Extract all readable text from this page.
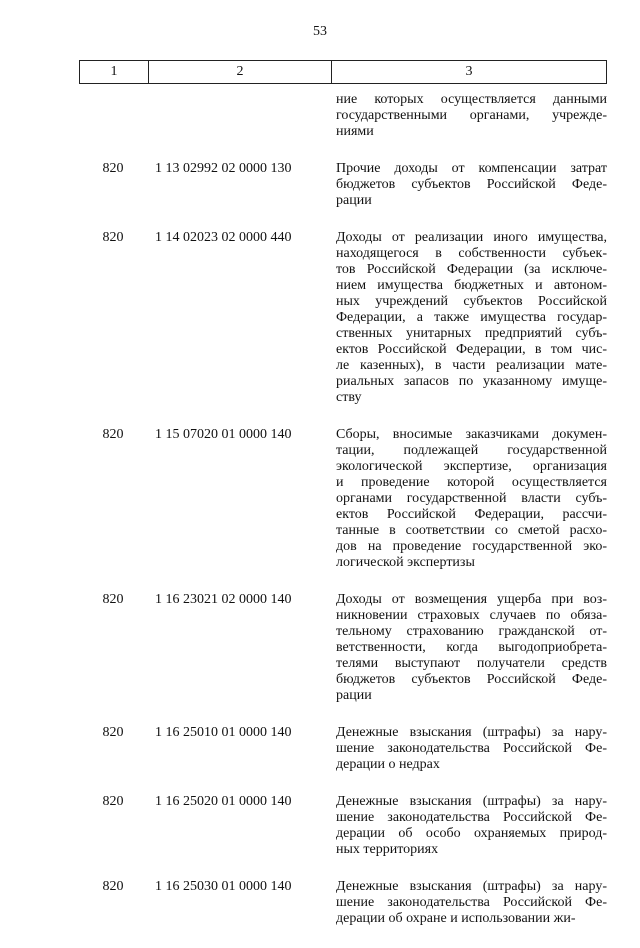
53
1	2	3
ние которых осуществляется данными
государственными органами, учрежде-
ниями
820	1 13 02992 02 0000 130	Прочие доходы от компенсации затрат
бюджетов субъектов Российской Феде-
рации
820	1 14 02023 02 0000 440	Доходы от реализации иного имущества,
находящегося в собственности субъек-
тов Российской Федерации (за исключе-
нием имущества бюджетных и автоном-
ных учреждений субъектов Российской
Федерации, а также имущества государ-
ственных унитарных предприятий субъ-
ектов Российской Федерации, в том чис-
ле казенных), в части реализации мате-
риальных запасов по указанному имуще-
ству
820	1 15 07020 01 0000 140	Сборы, вносимые заказчиками докумен-
тации, подлежащей государственной
экологической экспертизе, организация
и проведение которой осуществляется
органами государственной власти субъ-
ектов Российской Федерации, рассчи-
танные в соответствии со сметой расхо-
дов на проведение государственной эко-
логической экспертизы
820	1 16 23021 02 0000 140	Доходы от возмещения ущерба при воз-
никновении страховых случаев по обяза-
тельному страхованию гражданской от-
ветственности, когда выгодоприобрета-
телями выступают получатели средств
бюджетов субъектов Российской Феде-
рации
820	1 16 25010 01 0000 140	Денежные взыскания (штрафы) за нару-
шение законодательства Российской Фе-
дерации о недрах
820	1 16 25020 01 0000 140	Денежные взыскания (штрафы) за нару-
шение законодательства Российской Фе-
дерации об особо охраняемых природ-
ных территориях
820	1 16 25030 01 0000 140	Денежные взыскания (штрафы) за нару-
шение законодательства Российской Фе-
дерации об охране и использовании жи-
